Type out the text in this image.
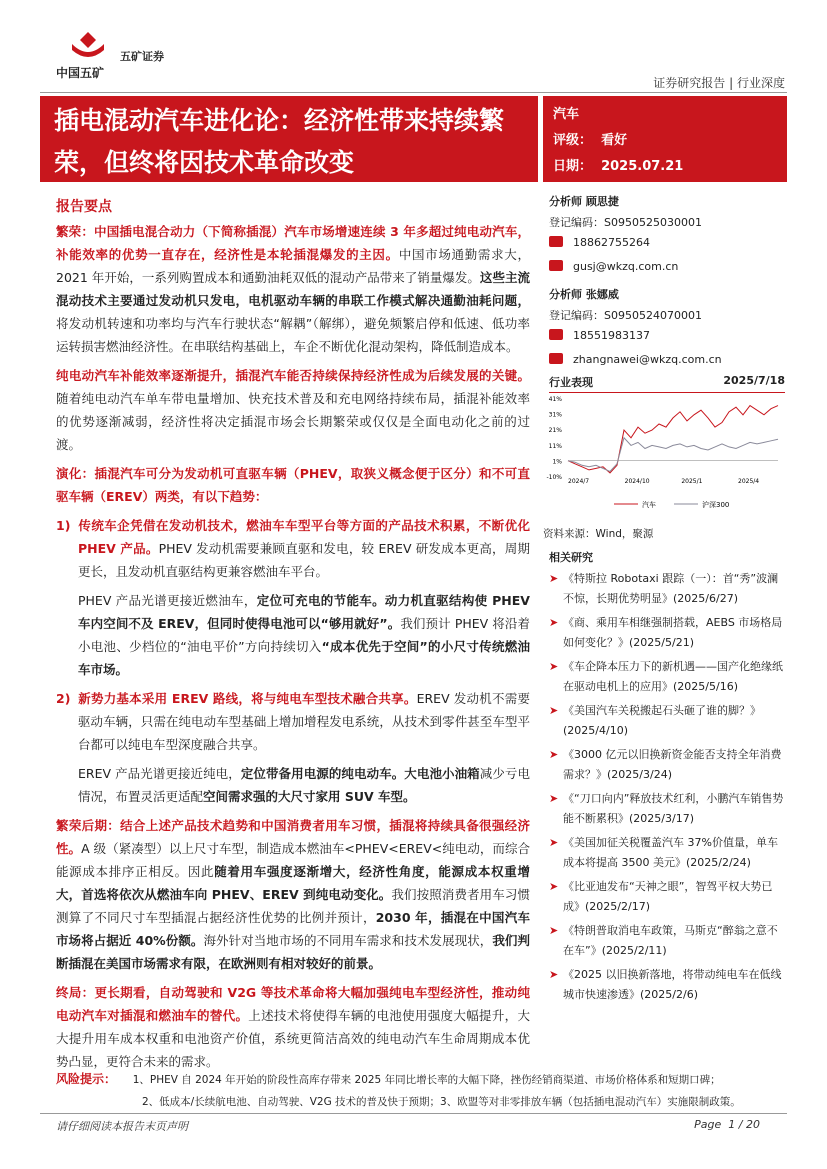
中国五矿
五矿证券
证券研究报告 | 行业深度
插电混动汽车进化论：经济性带来持续繁荣，但终将因技术革命改变
汽车
评级： 看好
日期： 2025.07.21
报告要点

繁荣：中国插电混合动力（下简称插混）汽车市场增速连续 3 年多超过纯电动汽车，补能效率的优势一直存在，经济性是本轮插混爆发的主因。中国市场通勤需求大，2021 年开始，一系列购置成本和通勤油耗双低的混动产品带来了销量爆发。这些主流混动技术主要通过发动机只发电，电机驱动车辆的串联工作模式解决通勤油耗问题，将发动机转速和功率均与汽车行驶状态“解耦”（解绑），避免频繁启停和低速、低功率运转损害燃油经济性。在串联结构基础上，车企不断优化混动架构，降低制造成本。

纯电动汽车补能效率逐渐提升，插混汽车能否持续保持经济性成为后续发展的关键。随着纯电动汽车单车带电量增加、快充技术普及和充电网络持续布局，插混补能效率的优势逐渐减弱，经济性将决定插混市场会长期繁荣或仅仅是全面电动化之前的过渡。

演化：插混汽车可分为发动机可直驱车辆（PHEV，取狭义概念便于区分）和不可直驱车辆（EREV）两类，有以下趋势：

1) 传统车企凭借在发动机技术，燃油车车型平台等方面的产品技术积累，不断优化 PHEV 产品。PHEV 发动机需要兼顾直驱和发电，较 EREV 研发成本更高，周期更长，且发动机直驱结构更兼容燃油车平台。

PHEV 产品光谱更接近燃油车，定位可充电的节能车。动力机直驱结构使 PHEV 车内空间不及 EREV，但同时使得电池可以“够用就好”。我们预计 PHEV 将沿着小电池、少档位的“油电平价”方向持续切入“成本优先于空间”的小尺寸传统燃油车市场。

2) 新势力基本采用 EREV 路线，将与纯电车型技术融合共享。EREV 发动机不需要驱动车辆，只需在纯电动车型基础上增加增程发电系统，从技术到零件甚至车型平台都可以纯电车型深度融合共享。

EREV 产品光谱更接近纯电，定位带备用电源的纯电动车。大电池小油箱减少亏电情况，布置灵活更适配空间需求强的大尺寸家用 SUV 车型。

繁荣后期：结合上述产品技术趋势和中国消费者用车习惯，插混将持续具备很强经济性。A 级（紧凑型）以上尺寸车型，制造成本燃油车<PHEV<EREV<纯电动，而综合能源成本排序正相反。因此随着用车强度逐渐增大，经济性角度，能源成本权重增大，首选将依次从燃油车向 PHEV、EREV 到纯电动变化。我们按照消费者用车习惯测算了不同尺寸车型插混占据经济性优势的比例并预计，2030 年，插混在中国汽车市场将占据近 40%份额。海外针对当地市场的不同用车需求和技术发展现状，我们判断插混在美国市场需求有限，在欧洲则有相对较好的前景。

终局：更长期看，自动驾驶和 V2G 等技术革命将大幅加强纯电车型经济性，推动纯电动汽车对插混和燃油车的替代。上述技术将使得车辆的电池使用强度大幅提升，大大提升用车成本权重和电池资产价值，系统更简洁高效的纯电动汽车生命周期成本优势凸显，更符合未来的需求。

分析师 顾思捷
登记编码：S0950525030001
18862755264
gusj@wkzq.com.cn
分析师 张娜威
登记编码：S0950524070001
18551983137
zhangnawei@wkzq.com.cn
行业表现	2025/7/18
41%
31%
21%
11%
1%
-10%
2024/7	2024/10	2025/1	2025/4
汽车	沪深300
资料来源：Wind，聚源
相关研究
➤ 《特斯拉 Robotaxi 跟踪（一）：首“秀”波澜不惊，长期优势明显》(2025/6/27)
➤ 《商、乘用车相继强制搭载，AEBS 市场格局如何变化？》(2025/5/21)
➤ 《车企降本压力下的新机遇——国产化绝缘纸在驱动电机上的应用》(2025/5/16)
➤ 《美国汽车关税搬起石头砸了谁的脚？》(2025/4/10)
➤ 《3000 亿元以旧换新资金能否支持全年消费需求？》(2025/3/24)
➤ 《“刀口向内”释放技术红利，小鹏汽车销售势能不断累积》(2025/3/17)
➤ 《美国加征关税覆盖汽车 37%价值量，单车成本将提高 3500 美元》(2025/2/24)
➤ 《比亚迪发布“天神之眼”，智驾平权大势已成》(2025/2/17)
➤ 《特朗普取消电车政策，马斯克“醉翁之意不在车”》(2025/2/11)
➤ 《2025 以旧换新落地，将带动纯电车在低线城市快速渗透》(2025/2/6)
风险提示： 1、PHEV 自 2024 年开始的阶段性高库存带来 2025 年同比增长率的大幅下降，挫伤经销商渠道、市场价格体系和短期口碑；
2、低成本/长续航电池、自动驾驶、V2G 技术的普及快于预期；3、欧盟等对非零排放车辆（包括插电混动汽车）实施限制政策。
请仔细阅读本报告末页声明	Page 1 / 20
